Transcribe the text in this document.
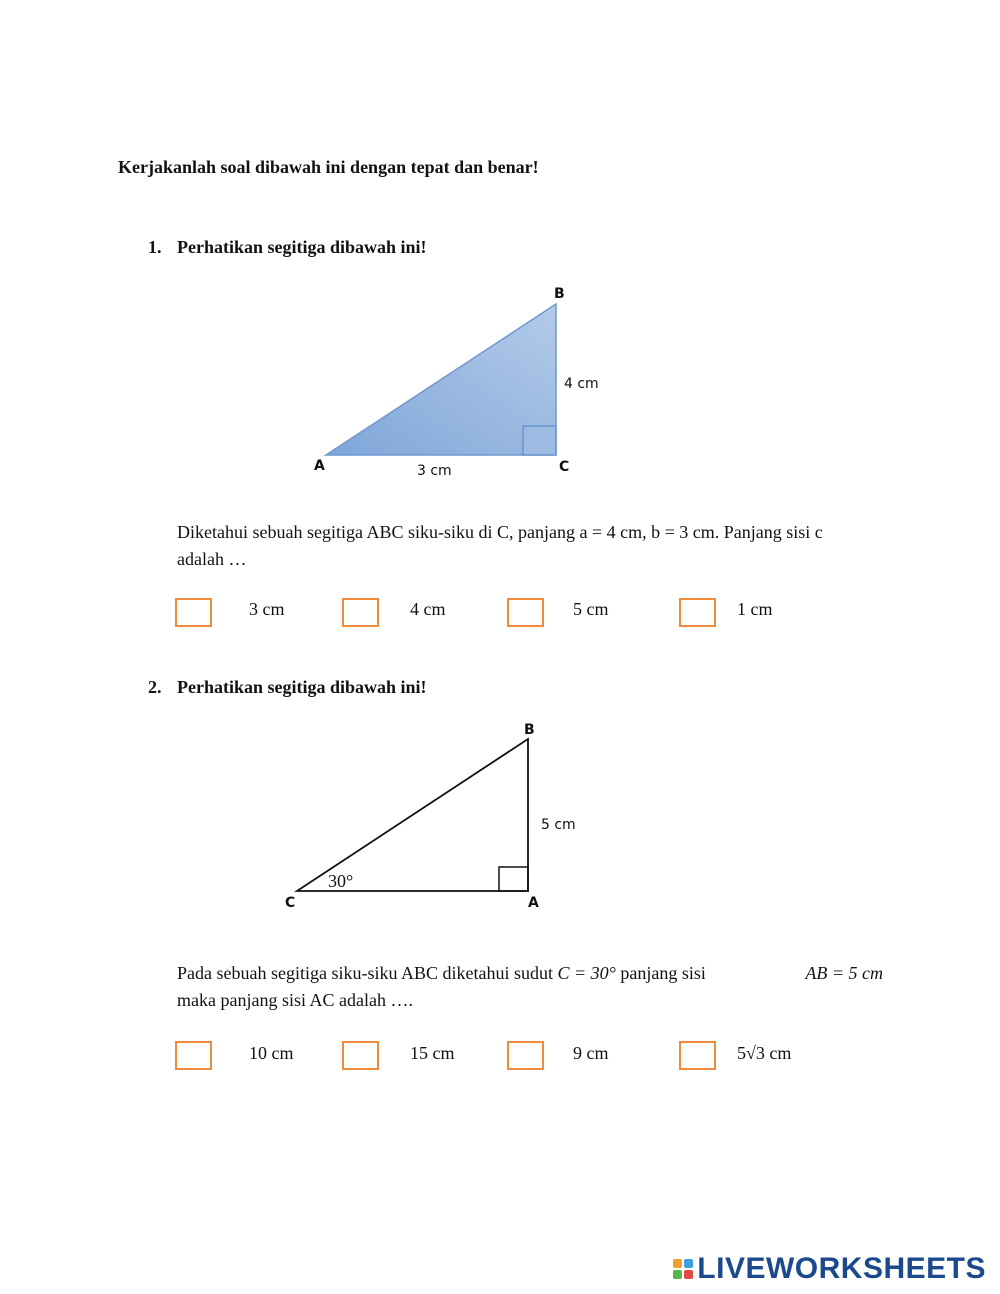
Kerjakanlah soal dibawah ini dengan tepat dan benar!
1. Perhatikan segitiga dibawah ini!
B
A	C
4 cm
3 cm
Diketahui sebuah segitiga ABC siku-siku di C, panjang a = 4 cm, b = 3 cm. Panjang sisi c
adalah …
3 cm	4 cm	5 cm	1 cm
2. Perhatikan segitiga dibawah ini!
B
C	A
5 cm
30°
Pada sebuah segitiga siku-siku ABC diketahui sudut C = 30° panjang sisi	AB = 5 cm
maka panjang sisi AC adalah ….
10 cm	15 cm	9 cm	5√3 cm
LIVEWORKSHEETS
